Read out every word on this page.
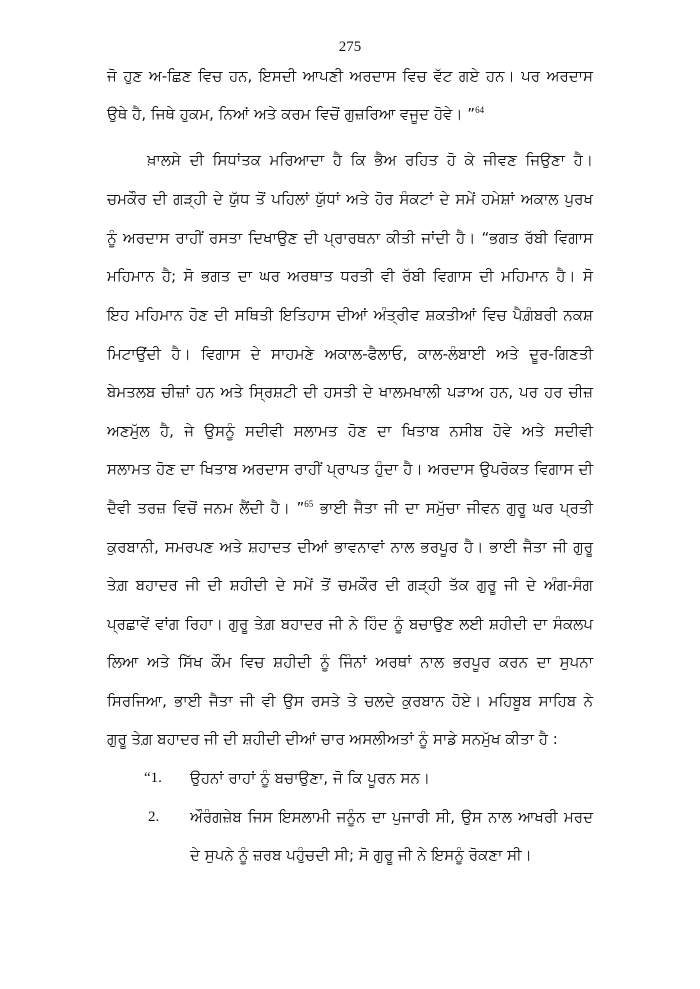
275
ਜੋ ਹੁਣ ਅ-ਛਿਣ ਵਿਚ ਹਨ, ਇਸਦੀ ਆਪਣੀ ਅਰਦਾਸ ਵਿਚ ਵੱਟ ਗਏ ਹਨ। ਪਰ ਅਰਦਾਸ
ਉਥੇ ਹੈ, ਜਿਥੇ ਹੁਕਮ, ਨਿਆਂ ਅਤੇ ਕਰਮ ਵਿਚੋਂ ਗੁਜ਼ਰਿਆ ਵਜੂਦ ਹੋਵੇ। ”$^{64}$
ਖ਼ਾਲਸੇ ਦੀ ਸਿਧਾਂਤਕ ਮਰਿਆਦਾ ਹੈ ਕਿ ਭੈਅ ਰਹਿਤ ਹੋ ਕੇ ਜੀਵਣ ਜਿਉਣਾ ਹੈ।
ਚਮਕੌਰ ਦੀ ਗੜ੍ਹੀ ਦੇ ਯੁੱਧ ਤੋਂ ਪਹਿਲਾਂ ਯੁੱਧਾਂ ਅਤੇ ਹੋਰ ਸੰਕਟਾਂ ਦੇ ਸਮੇਂ ਹਮੇਸ਼ਾਂ ਅਕਾਲ ਪੁਰਖ
ਨੂੰ ਅਰਦਾਸ ਰਾਹੀਂ ਰਸਤਾ ਦਿਖਾਉਣ ਦੀ ਪ੍ਰਾਰਥਨਾ ਕੀਤੀ ਜਾਂਦੀ ਹੈ। “ਭਗਤ ਰੱਬੀ ਵਿਗਾਸ
ਮਹਿਮਾਨ ਹੈ; ਸੋ ਭਗਤ ਦਾ ਘਰ ਅਰਥਾਤ ਧਰਤੀ ਵੀ ਰੱਬੀ ਵਿਗਾਸ ਦੀ ਮਹਿਮਾਨ ਹੈ। ਸੋ
ਇਹ ਮਹਿਮਾਨ ਹੋਣ ਦੀ ਸਥਿਤੀ ਇਤਿਹਾਸ ਦੀਆਂ ਅੰਤ੍ਰੀਵ ਸ਼ਕਤੀਆਂ ਵਿਚ ਪੈਗ਼ੰਬਰੀ ਨਕਸ਼
ਮਿਟਾਉਂਦੀ ਹੈ। ਵਿਗਾਸ ਦੇ ਸਾਹਮਣੇ ਅਕਾਲ-ਫੈਲਾਓ, ਕਾਲ-ਲੰਬਾਈ ਅਤੇ ਦੂਰ-ਗਿਣਤੀ
ਬੇਮਤਲਬ ਚੀਜ਼ਾਂ ਹਨ ਅਤੇ ਸ੍ਰਿਸ਼ਟੀ ਦੀ ਹਸਤੀ ਦੇ ਖਾਲਮਖਾਲੀ ਪੜਾਅ ਹਨ, ਪਰ ਹਰ ਚੀਜ਼
ਅਣਮੁੱਲ ਹੈ, ਜੇ ਉਸਨੂੰ ਸਦੀਵੀ ਸਲਾਮਤ ਹੋਣ ਦਾ ਖਿਤਾਬ ਨਸੀਬ ਹੋਵੇ ਅਤੇ ਸਦੀਵੀ
ਸਲਾਮਤ ਹੋਣ ਦਾ ਖਿਤਾਬ ਅਰਦਾਸ ਰਾਹੀਂ ਪ੍ਰਾਪਤ ਹੁੰਦਾ ਹੈ। ਅਰਦਾਸ ਉਪਰੋਕਤ ਵਿਗਾਸ ਦੀ
ਦੈਵੀ ਤਰਜ਼ ਵਿਚੋਂ ਜਨਮ ਲੈਂਦੀ ਹੈ। ”$^{65}$ ਭਾਈ ਜੈਤਾ ਜੀ ਦਾ ਸਮੁੱਚਾ ਜੀਵਨ ਗੁਰੂ ਘਰ ਪ੍ਰਤੀ
ਕੁਰਬਾਨੀ, ਸਮਰਪਣ ਅਤੇ ਸ਼ਹਾਦਤ ਦੀਆਂ ਭਾਵਨਾਵਾਂ ਨਾਲ ਭਰਪੂਰ ਹੈ। ਭਾਈ ਜੈਤਾ ਜੀ ਗੁਰੂ
ਤੇਗ਼ ਬਹਾਦਰ ਜੀ ਦੀ ਸ਼ਹੀਦੀ ਦੇ ਸਮੇਂ ਤੋਂ ਚਮਕੌਰ ਦੀ ਗੜ੍ਹੀ ਤੱਕ ਗੁਰੂ ਜੀ ਦੇ ਅੰਗ-ਸੰਗ
ਪ੍ਰਛਾਵੇਂ ਵਾਂਗ ਰਿਹਾ। ਗੁਰੂ ਤੇਗ਼ ਬਹਾਦਰ ਜੀ ਨੇ ਹਿੰਦ ਨੂੰ ਬਚਾਉਣ ਲਈ ਸ਼ਹੀਦੀ ਦਾ ਸੰਕਲਪ
ਲਿਆ ਅਤੇ ਸਿੱਖ ਕੌਮ ਵਿਚ ਸ਼ਹੀਦੀ ਨੂੰ ਜਿੰਨਾਂ ਅਰਥਾਂ ਨਾਲ ਭਰਪੂਰ ਕਰਨ ਦਾ ਸੁਪਨਾ
ਸਿਰਜਿਆ, ਭਾਈ ਜੈਤਾ ਜੀ ਵੀ ਉਸ ਰਸਤੇ ਤੇ ਚਲਦੇ ਕੁਰਬਾਨ ਹੋਏ। ਮਹਿਬੂਬ ਸਾਹਿਬ ਨੇ
ਗੁਰੂ ਤੇਗ਼ ਬਹਾਦਰ ਜੀ ਦੀ ਸ਼ਹੀਦੀ ਦੀਆਂ ਚਾਰ ਅਸਲੀਅਤਾਂ ਨੂੰ ਸਾਡੇ ਸਨਮੁੱਖ ਕੀਤਾ ਹੈ :
“1.	ਉਹਨਾਂ ਰਾਹਾਂ ਨੂੰ ਬਚਾਉਣਾ, ਜੋ ਕਿ ਪੂਰਨ ਸਨ।
2.	ਔਰੰਗਜ਼ੇਬ ਜਿਸ ਇਸਲਾਮੀ ਜਨੂੰਨ ਦਾ ਪੁਜਾਰੀ ਸੀ, ਉਸ ਨਾਲ ਆਖਰੀ ਮਰਦ
ਦੇ ਸੁਪਨੇ ਨੂੰ ਜ਼ਰਬ ਪਹੁੰਚਦੀ ਸੀ; ਸੋ ਗੁਰੂ ਜੀ ਨੇ ਇਸਨੂੰ ਰੋਕਣਾ ਸੀ।
